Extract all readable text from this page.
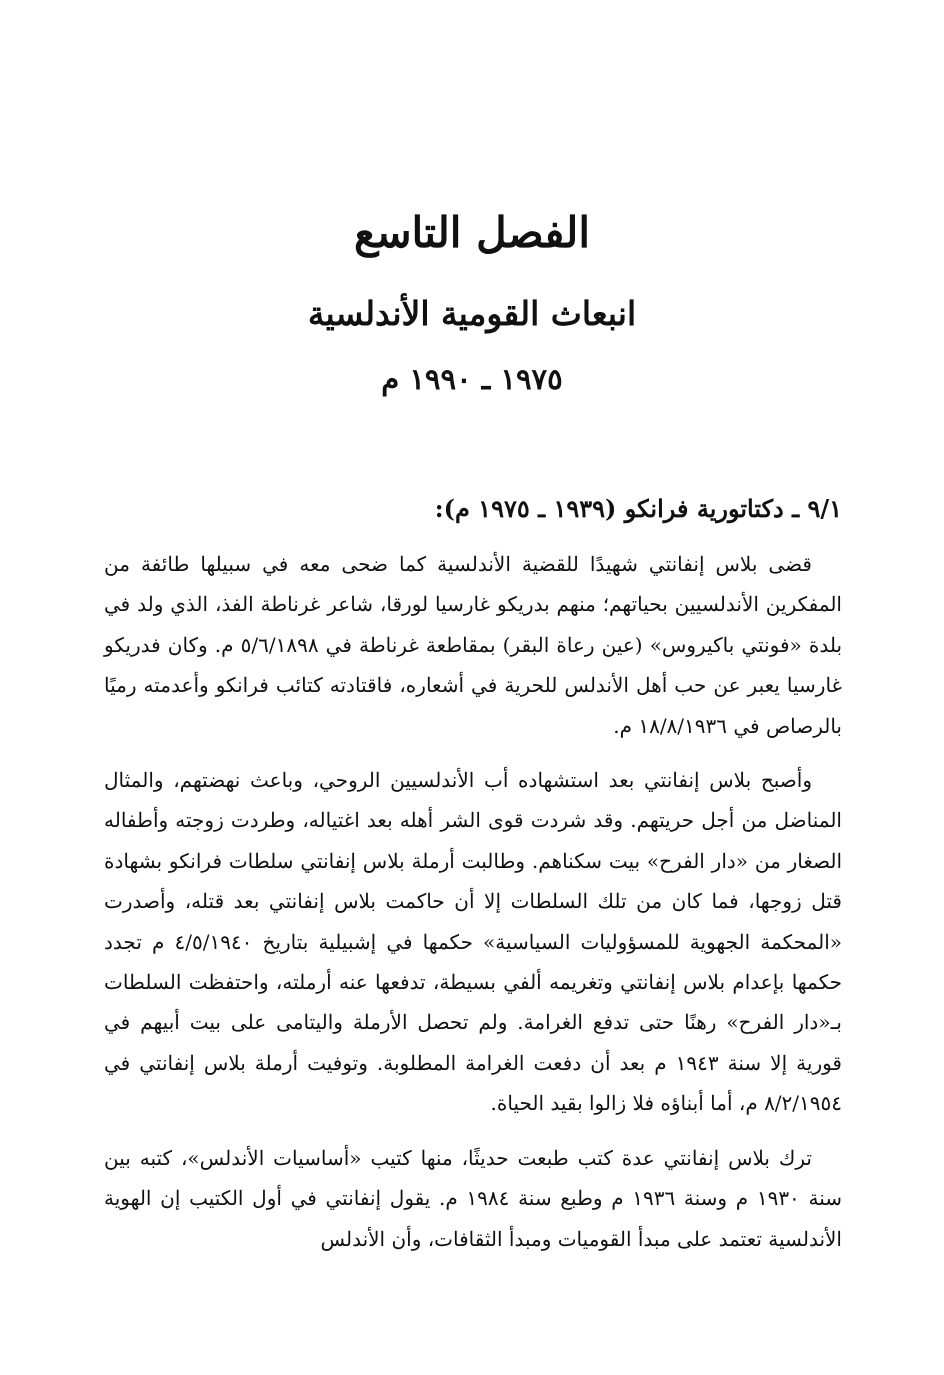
الفصل التاسع
انبعاث القومية الأندلسية
١٩٧٥ ـ ١٩٩٠ م
٩/١ ـ دكتاتورية فرانكو (١٩٣٩ ـ ١٩٧٥ م):

قضى بلاس إنفانتي شهيدًا للقضية الأندلسية كما ضحى معه في سبيلها طائفة من المفكرين الأندلسيين بحياتهم؛ منهم بدريكو غارسيا لورقا، شاعر غرناطة الفذ، الذي ولد في بلدة «فونتي باكيروس» (عين رعاة البقر) بمقاطعة غرناطة في ٥/٦/١٨٩٨ م. وكان فدريكو غارسيا يعبر عن حب أهل الأندلس للحرية في أشعاره، فاقتادته كتائب فرانكو وأعدمته رميًا بالرصاص في ١٨/٨/١٩٣٦ م.

وأصبح بلاس إنفانتي بعد استشهاده أب الأندلسيين الروحي، وباعث نهضتهم، والمثال المناضل من أجل حريتهم. وقد شردت قوى الشر أهله بعد اغتياله، وطردت زوجته وأطفاله الصغار من «دار الفرح» بيت سكناهم. وطالبت أرملة بلاس إنفانتي سلطات فرانكو بشهادة قتل زوجها، فما كان من تلك السلطات إلا أن حاكمت بلاس إنفانتي بعد قتله، وأصدرت «المحكمة الجهوية للمسؤوليات السياسية» حكمها في إشبيلية بتاريخ ٤/٥/١٩٤٠ م تجدد حكمها بإعدام بلاس إنفانتي وتغريمه ألفي بسيطة، تدفعها عنه أرملته، واحتفظت السلطات بـ«دار الفرح» رهنًا حتى تدفع الغرامة. ولم تحصل الأرملة واليتامى على بيت أبيهم في قورية إلا سنة ١٩٤٣ م بعد أن دفعت الغرامة المطلوبة. وتوفيت أرملة بلاس إنفانتي في ٨/٢/١٩٥٤ م، أما أبناؤه فلا زالوا بقيد الحياة.

ترك بلاس إنفانتي عدة كتب طبعت حديثًا، منها كتيب «أساسيات الأندلس»، كتبه بين سنة ١٩٣٠ م وسنة ١٩٣٦ م وطبع سنة ١٩٨٤ م. يقول إنفانتي في أول الكتيب إن الهوية الأندلسية تعتمد على مبدأ القوميات ومبدأ الثقافات، وأن الأندلس
